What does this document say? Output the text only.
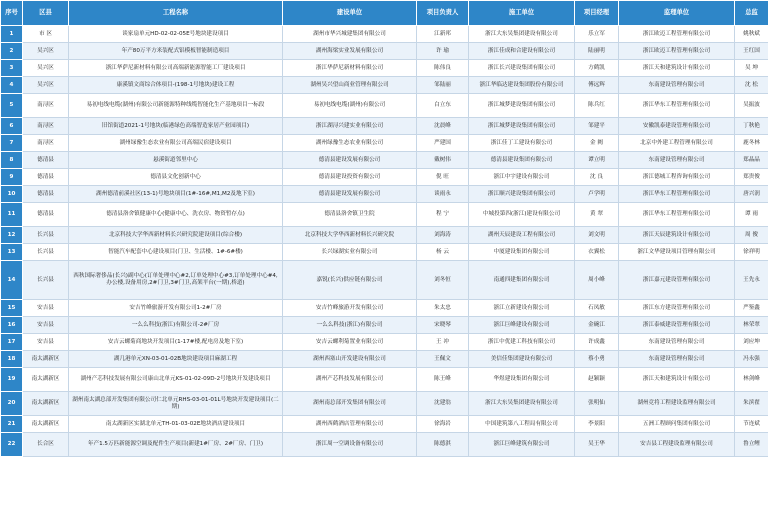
序号	区县	工程名称	建设单位	项目负责人	施工单位	项目经理	监理单位	总监
1	市 区	谈家扇单元HD-02-02-05E号地块建设项目	湖州市华兴城建集团有限公司	江新邦	浙江大东吴集团建设有限公司	乐立军	浙江欧迈工程管理有限公司	姚秋斌
2	吴兴区	年产80万平方米装配式铝模板智能制造项目	湖州海梁实业发展有限公司	许 瑜	浙江佳成和合建设有限公司	陆丽明	浙江欧迈工程管理有限公司	王红国
3	吴兴区	浙江华萨尼新材料有限公司高端新能源智能工厂建设项目	浙江华萨尼新材料有限公司	陈伟良	浙江长兴建设集团有限公司	方鹤凯	浙江天和建筑设计有限公司	吴 坤
4	吴兴区	康溪镇文商综合体项目-(198-1号地块)建设工程	湖州吴兴望山商业管理有限公司	邹陆丽	浙江华临达建设集团股份有限公司	傅远辉	东南建设管理有限公司	沈 松
5	南浔区	易初电线电缆(湖州)有限公司新能源特种线缆智能化生产基地项目一标段	易初电线电缆(湖州)有限公司	白立东	浙江城梦建设集团有限公司	陈兵红	浙江华东工程管理有限公司	吴振波
6	南浔区	旧馆街道2021-1号地块(临港绿色高端智造家居产业园项目)	浙江湖浔兴建实业有限公司	沈晨峰	浙江城梦建设集团有限公司	邹建平	安徽凯泰建设管理有限公司	丁秋艳
7	南浔区	湖州绿豫生态农业有限公司高端民宿建设项目	湖州绿豫生态农业有限公司	严建国	浙江佳丁工建设有限公司	金 阙	北京中外建工程管理有限公司	鹿冬林
8	德清县	悬溪街道邻里中心	德清县建设发展有限公司	戴树伟	德清县建设集团有限公司	谭立明	东南建设管理有限公司	郑晶晶
9	德清县	德清县文化创新中心	德清县建设投资有限公司	倪 旺	浙江中宇建设有限公司	沈 良	浙江德城工程咨询有限公司	郑贵俊
10	德清县	湖州德清前溪社区(13-1)号地块项目(1#-16#,M1,M2及地下室)	德清县建设发展有限公司	谈雨永	浙江顺兴建设集团有限公司	卢学明	浙江华东工程管理有限公司	唐兴润
11	德清县	德清县洛舍镇健康中心(健康中心、洗衣房、物资暂存点)	德清县洛舍镇卫生院	程 宁	中城投第四(浙江)建设有限公司	黄 翠	浙江华东工程管理有限公司	谭 雨
12	长兴县	北京科技大学华西新材料长兴研究院建设项目(综合楼)	北京科技大学华西新材料长兴研究院	刘海涛	湖州天辰建设工程有限公司	刘文明	浙江天辰建筑设计有限公司	周 俊
13	长兴县	智能汽车配套中心建设项目(门卫、生活楼、1#-6#楼)	长兴绿湖实业有限公司	杨 云	中厦建设集团有限公司	衣翼松	浙江文华建设项目管理有限公司	徐祥明
14	长兴县	西秋国际奢侈品(长兴)副中心(订单处理中心#2,订单处理中心#3,订单处理中心#4,办公楼,设备用房,2#门卫,3#门卫,高架平台(一期),桥道)	嘉锐(长兴)供应链有限公司	刘冬恒	南通四建集团有限公司	周小峰	浙江嘉元建设管理有限公司	王先永
15	安吉县	安吉竹峰旅游开发有限公司1-2#厂房	安吉竹峰旅游开发有限公司	朱太忠	浙江立新建设有限公司	石凤敏	浙江东方建设管理有限公司	严鉴鑫
16	安吉县	一么么科技(浙江)有限公司-2#厂房	一么么科技(浙江)有限公司	宋晓琴	浙江巨峰建设有限公司	金碗江	浙江泰威建设管理有限公司	林荣翠
17	安吉县	安吉云螺菊商地块开发项目(1-17#楼,配电房及地下室)	安吉云螺利菊置业有限公司	王 冲	浙江中优建工科技有限公司	许成鑫	东南建设管理有限公司	刘应坤
18	南太湖新区	湖几港单元XN-03-01-02B地块建设项目麻湖工程	湖州西塞山开发建设有限公司	王佩文	美信佳集团建设有限公司	蔡小勇	东南建设管理有限公司	冯永强
19	南太湖新区	湖州产芯科技发展有限公司康山北单元KS-01-02-09D-2号地块开发建设项目	湖州产芯科技发展有限公司	陈王峰	华煜建设集团有限公司	赵颖颖	浙江天和建筑设计有限公司	林剑峰
20	南太湖新区	湖州南太湖总部开发集团有限公司仁北单元RHS-03-01-01L号地块开发建设项目(二期)	湖州南总部开发集团有限公司	沈建翁	浙江大东吴集团建设有限公司	张明仙	湖州竞将工程建设监理有限公司	朱滨翟
21	南太湖新区	南太湖新区实湖北单元TH-01-03-02E地块酒店建设项目	湖州西鹤酒店管理有限公司	徐海岩	中国建筑第八工程局有限公司	李景阳	五洲工程顾问集团有限公司	节连斌
22	长合区	年产1.5万匹新能源空调及配件生产项目(新建1#厂房、2#厂房、门卫)	浙江周一空调设备有限公司	陈德淇	浙江巨峰建筑有限公司	吴王华	安吉县工程建设监理有限公司	鲁立鲤
